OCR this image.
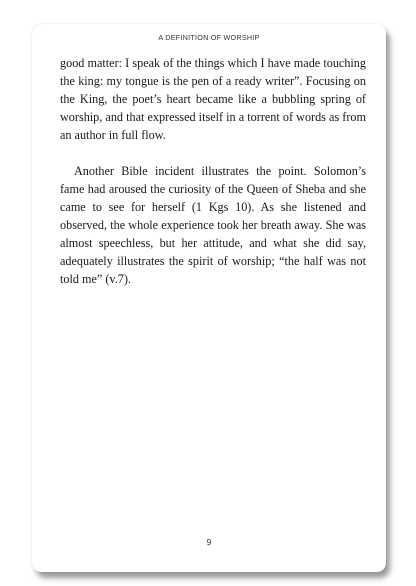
A DEFINITION OF WORSHIP

good matter: I speak of the things which I have made touching the king: my tongue is the pen of a ready writer”. Focusing on the King, the poet’s heart became like a bubbling spring of worship, and that expressed itself in a torrent of words as from an author in full flow.

Another Bible incident illustrates the point. Solomon’s fame had aroused the curiosity of the Queen of Sheba and she came to see for herself (1 Kgs 10). As she listened and observed, the whole experience took her breath away. She was almost speechless, but her attitude, and what she did say, adequately illustrates the spirit of worship; “the half was not told me” (v.7).

9
